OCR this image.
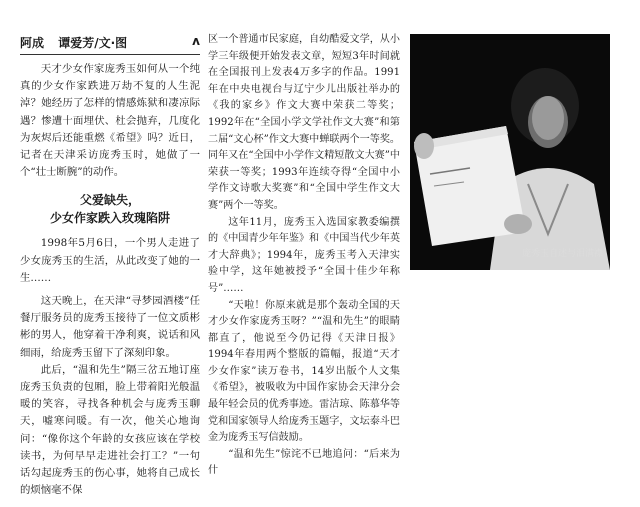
阿成 谭爱芳/文·图	ʌ

天才少女作家庞秀玉如何从一个纯真的少女作家跌进万劫不复的人生泥淖？她经历了怎样的情感炼狱和凄凉际遇？惨遭十面埋伏、杜会抛弃，几度化为灰烬后还能重燃《希望》吗？近日，记者在天津采访庞秀玉时，她做了一个“壮士断腕”的动作。

父爱缺失，
少女作家跌入玫瑰陷阱

1998年5月6日，一个男人走进了少女庞秀玉的生活，从此改变了她的一生……

这天晚上，在天津“寻梦园酒楼”任餐厅服务员的庞秀玉接待了一位文质彬彬的男人，他穿着干净利爽，说话和风细雨，给庞秀玉留下了深刻印象。

此后，“温和先生”隔三岔五地订座庞秀玉负责的包厢，脸上带着阳光般温暖的笑容，寻找各种机会与庞秀玉聊天，嘘寒问暖。有一次，他关心地询问：“像你这个年龄的女孩应该在学校读书，为何早早走进社会打工？”一句话勾起庞秀玉的伤心事，她将自己成长的烦恼毫不保

区一个普通市民家庭，自幼酷爱文学，从小学三年级便开始发表文章，短短3年时间就在全国报刊上发表4万多字的作品。1991年在中央电视台与辽宁少儿出版社举办的《我的家乡》作文大赛中荣获二等奖；1992年在“全国小学文学社作文大赛”和第二届“文心杯”作文大赛中蝉联两个一等奖。同年又在“全国中小学作文精短散文大赛”中荣获一等奖；1993年连续夺得“全国中小学作文诗歌大奖赛”和“全国中学生作文大赛”两个一等奖。

这年11月，庞秀玉入选国家教委编撰的《中国青少年年鉴》和《中国当代少年英才大辞典》；1994年，庞秀玉考入天津实验中学，这年她被授予“全国十佳少年称号”……

“天啦！你原来就是那个轰动全国的天才少女作家庞秀玉呀？”“温和先生”的眼睛都直了，他说至今仍记得《天津日报》1994年春用两个整版的篇幅，报道“天才少女作家”读万卷书，14岁出版个人文集《希望》，被吸收为中国作家协会天津分会最年轻会员的优秀事迹。雷洁琼、陈慕华等党和国家领导人给庞秀玉题字，文坛泰斗巴金为庞秀玉写信鼓励。

“温和先生”惊诧不已地追问：“后来为什

庞秀玉自述与泪满襟
